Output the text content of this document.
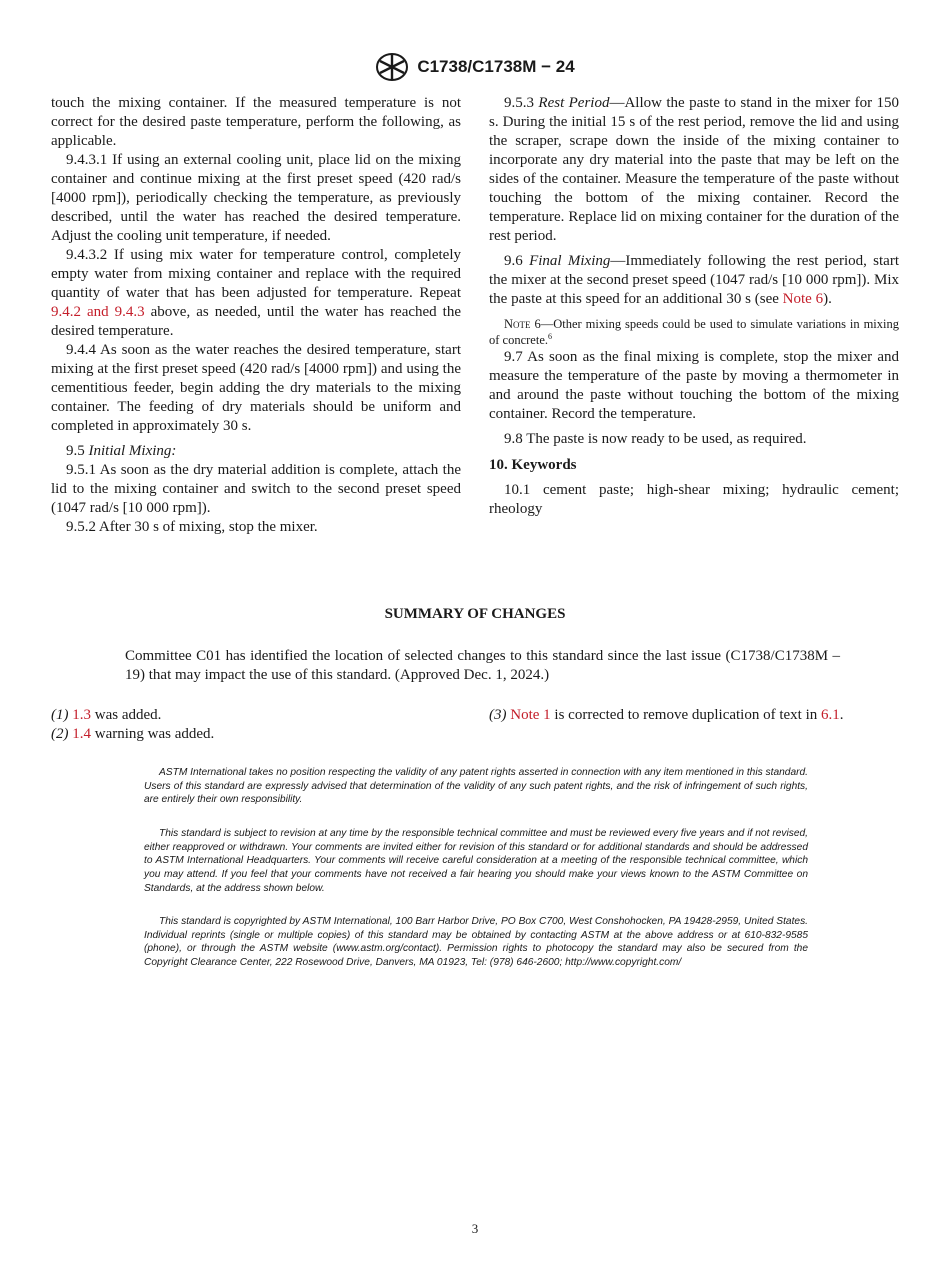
C1738/C1738M − 24

touch the mixing container. If the measured temperature is not correct for the desired paste temperature, perform the following, as applicable.

9.4.3.1 If using an external cooling unit, place lid on the mixing container and continue mixing at the first preset speed (420 rad/s [4000 rpm]), periodically checking the temperature, as previously described, until the water has reached the desired temperature. Adjust the cooling unit temperature, if needed.

9.4.3.2 If using mix water for temperature control, completely empty water from mixing container and replace with the required quantity of water that has been adjusted for temperature. Repeat 9.4.2 and 9.4.3 above, as needed, until the water has reached the desired temperature.

9.4.4 As soon as the water reaches the desired temperature, start mixing at the first preset speed (420 rad/s [4000 rpm]) and using the cementitious feeder, begin adding the dry materials to the mixing container. The feeding of dry materials should be uniform and completed in approximately 30 s.

9.5 Initial Mixing:

9.5.1 As soon as the dry material addition is complete, attach the lid to the mixing container and switch to the second preset speed (1047 rad/s [10 000 rpm]).

9.5.2 After 30 s of mixing, stop the mixer.

9.5.3 Rest Period—Allow the paste to stand in the mixer for 150 s. During the initial 15 s of the rest period, remove the lid and using the scraper, scrape down the inside of the mixing container to incorporate any dry material into the paste that may be left on the sides of the container. Measure the temperature of the paste without touching the bottom of the mixing container. Record the temperature. Replace lid on mixing container for the duration of the rest period.

9.6 Final Mixing—Immediately following the rest period, start the mixer at the second preset speed (1047 rad/s [10 000 rpm]). Mix the paste at this speed for an additional 30 s (see Note 6).

Note 6—Other mixing speeds could be used to simulate variations in mixing of concrete.$^6$

9.7 As soon as the final mixing is complete, stop the mixer and measure the temperature of the paste by moving a thermometer in and around the paste without touching the bottom of the mixing container. Record the temperature.

9.8 The paste is now ready to be used, as required.

10. Keywords

10.1 cement paste; high-shear mixing; hydraulic cement; rheology

SUMMARY OF CHANGES

Committee C01 has identified the location of selected changes to this standard since the last issue (C1738/C1738M – 19) that may impact the use of this standard. (Approved Dec. 1, 2024.)

(1) 1.3 was added.
(2) 1.4 warning was added.
(3) Note 1 is corrected to remove duplication of text in 6.1.

ASTM International takes no position respecting the validity of any patent rights asserted in connection with any item mentioned in this standard. Users of this standard are expressly advised that determination of the validity of any such patent rights, and the risk of infringement of such rights, are entirely their own responsibility.

This standard is subject to revision at any time by the responsible technical committee and must be reviewed every five years and if not revised, either reapproved or withdrawn. Your comments are invited either for revision of this standard or for additional standards and should be addressed to ASTM International Headquarters. Your comments will receive careful consideration at a meeting of the responsible technical committee, which you may attend. If you feel that your comments have not received a fair hearing you should make your views known to the ASTM Committee on Standards, at the address shown below.

This standard is copyrighted by ASTM International, 100 Barr Harbor Drive, PO Box C700, West Conshohocken, PA 19428-2959, United States. Individual reprints (single or multiple copies) of this standard may be obtained by contacting ASTM at the above address or at 610-832-9585 (phone), or through the ASTM website (www.astm.org/contact). Permission rights to photocopy the standard may also be secured from the Copyright Clearance Center, 222 Rosewood Drive, Danvers, MA 01923, Tel: (978) 646-2600; http://www.copyright.com/

3
